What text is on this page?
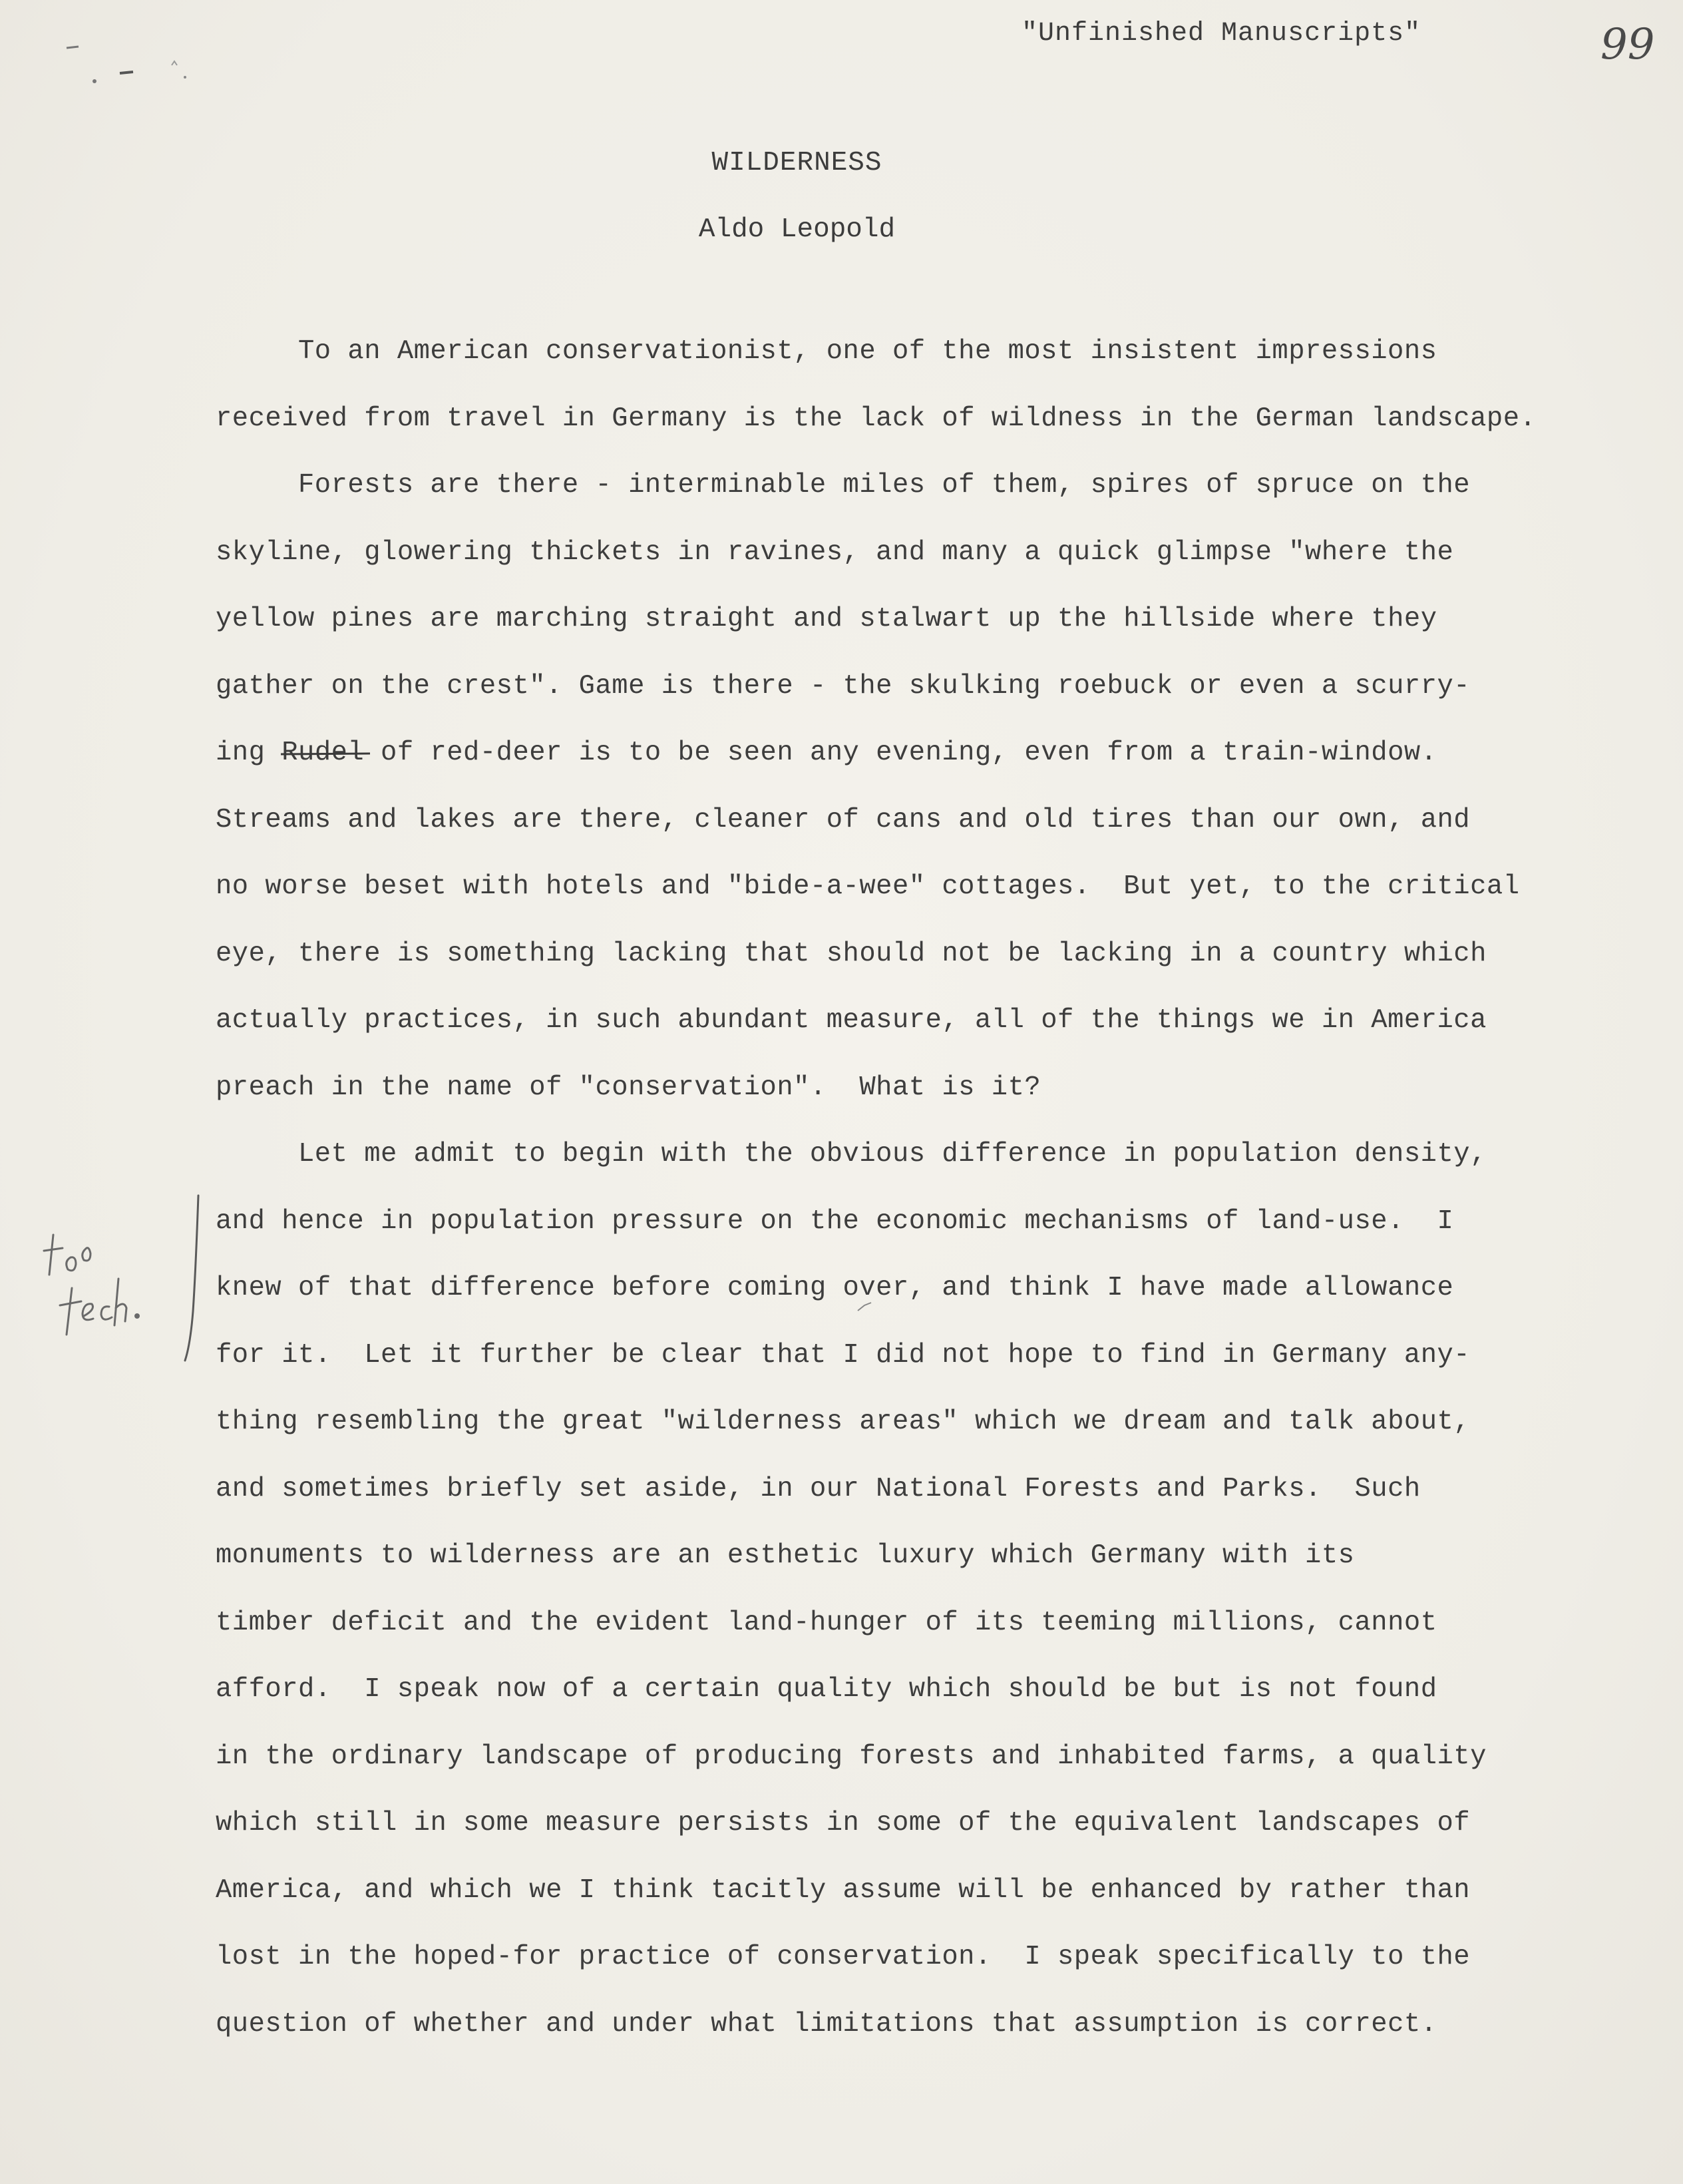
"Unfinished Manuscripts"	99
WILDERNESS
Aldo Leopold
To an American conservationist, one of the most insistent impressions
received from travel in Germany is the lack of wildness in the German landscape.
Forests are there - interminable miles of them, spires of spruce on the
skyline, glowering thickets in ravines, and many a quick glimpse "where the
yellow pines are marching straight and stalwart up the hillside where they
gather on the crest". Game is there - the skulking roebuck or even a scurry-
ing Rudel of red-deer is to be seen any evening, even from a train-window.
Streams and lakes are there, cleaner of cans and old tires than our own, and
no worse beset with hotels and "bide-a-wee" cottages.  But yet, to the critical
eye, there is something lacking that should not be lacking in a country which
actually practices, in such abundant measure, all of the things we in America
preach in the name of "conservation".  What is it?
Let me admit to begin with the obvious difference in population density,
and hence in population pressure on the economic mechanisms of land-use.  I
knew of that difference before coming over, and think I have made allowance
for it.  Let it further be clear that I did not hope to find in Germany any-
thing resembling the great "wilderness areas" which we dream and talk about,
and sometimes briefly set aside, in our National Forests and Parks.  Such
monuments to wilderness are an esthetic luxury which Germany with its
timber deficit and the evident land-hunger of its teeming millions, cannot
afford.  I speak now of a certain quality which should be but is not found
in the ordinary landscape of producing forests and inhabited farms, a quality
which still in some measure persists in some of the equivalent landscapes of
America, and which we I think tacitly assume will be enhanced by rather than
lost in the hoped-for practice of conservation.  I speak specifically to the
question of whether and under what limitations that assumption is correct.
